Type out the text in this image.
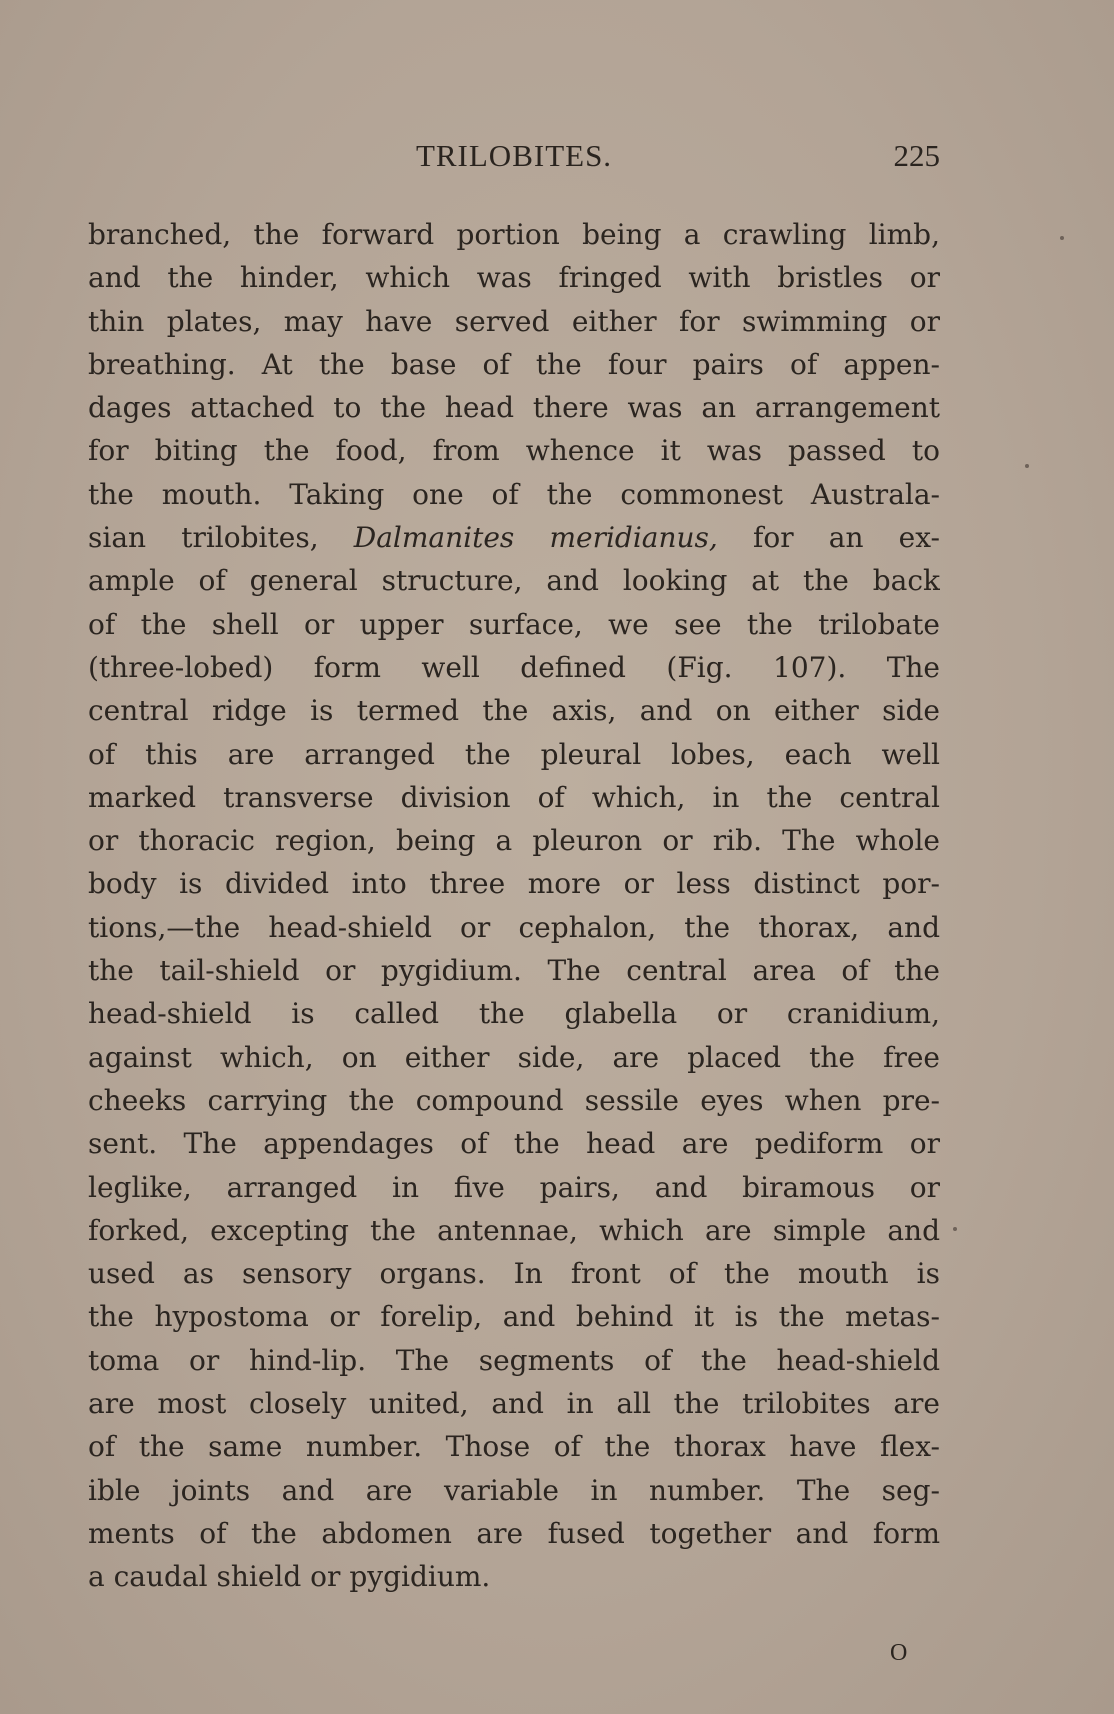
TRILOBITES.	225
branched, the forward portion being a crawling limb,
and the hinder, which was fringed with bristles or
thin plates, may have served either for swimming or
breathing. At the base of the four pairs of appen-
dages attached to the head there was an arrangement
for biting the food, from whence it was passed to
the mouth. Taking one of the commonest Australa-
sian trilobites, Dalmanites meridianus, for an ex-
ample of general structure, and looking at the back
of the shell or upper surface, we see the trilobate
(three-lobed) form well defined (Fig. 107). The
central ridge is termed the axis, and on either side
of this are arranged the pleural lobes, each well
marked transverse division of which, in the central
or thoracic region, being a pleuron or rib. The whole
body is divided into three more or less distinct por-
tions,—the head-shield or cephalon, the thorax, and
the tail-shield or pygidium. The central area of the
head-shield is called the glabella or cranidium,
against which, on either side, are placed the free
cheeks carrying the compound sessile eyes when pre-
sent. The appendages of the head are pediform or
leglike, arranged in five pairs, and biramous or
forked, excepting the antennae, which are simple and
used as sensory organs. In front of the mouth is
the hypostoma or forelip, and behind it is the metas-
toma or hind-lip. The segments of the head-shield
are most closely united, and in all the trilobites are
of the same number. Those of the thorax have flex-
ible joints and are variable in number. The seg-
ments of the abdomen are fused together and form
a caudal shield or pygidium.
O
